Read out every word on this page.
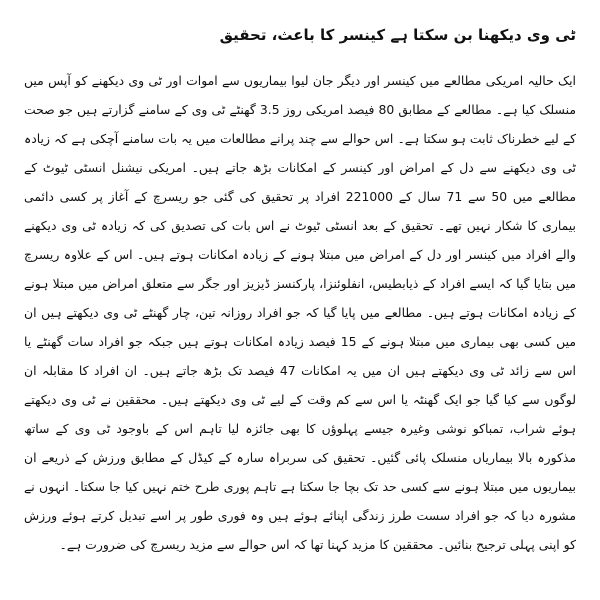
ٹی وی دیکھنا بن سکتا ہے کینسر کا باعث، تحقیق

ایک حالیہ امریکی مطالعے میں کینسر اور دیگر جان لیوا بیماریوں سے اموات اور ٹی وی دیکھنے کو آپس میں منسلک کیا ہے۔ مطالعے کے مطابق 80 فیصد امریکی روز 3.5 گھنٹے ٹی وی کے سامنے گزارتے ہیں جو صحت کے لیے خطرناک ثابت ہو سکتا ہے۔ اس حوالے سے چند پرانے مطالعات میں یہ بات سامنے آچکی ہے کہ زیادہ ٹی وی دیکھنے سے دل کے امراض اور کینسر کے امکانات بڑھ جاتے ہیں۔ امریکی نیشنل انسٹی ٹیوٹ کے مطالعے میں 50 سے 71 سال کے 221000 افراد پر تحقیق کی گئی جو ریسرچ کے آغاز پر کسی دائمی بیماری کا شکار نہیں تھے۔ تحقیق کے بعد انسٹی ٹیوٹ نے اس بات کی تصدیق کی کہ زیادہ ٹی وی دیکھنے والے افراد میں کینسر اور دل کے امراض میں مبتلا ہونے کے زیادہ امکانات ہوتے ہیں۔ اس کے علاوہ ریسرچ میں بتایا گیا کہ ایسے افراد کے ذیابطیس، انفلوئنزا، پارکنسز ڈیزیز اور جگر سے متعلق امراض میں مبتلا ہونے کے زیادہ امکانات ہوتے ہیں۔ مطالعے میں پایا گیا کہ جو افراد روزانہ تین، چار گھنٹے ٹی وی دیکھتے ہیں ان میں کسی بھی بیماری میں مبتلا ہونے کے 15 فیصد زیادہ امکانات ہوتے ہیں جبکہ جو افراد سات گھنٹے یا اس سے زائد ٹی وی دیکھتے ہیں ان میں یہ امکانات 47 فیصد تک بڑھ جاتے ہیں۔ ان افراد کا مقابلہ ان لوگوں سے کیا گیا جو ایک گھنٹہ یا اس سے کم وقت کے لیے ٹی وی دیکھتے ہیں۔ محققین نے ٹی وی دیکھتے ہوئے شراب، تمباکو نوشی وغیرہ جیسے پہلوؤں کا بھی جائزہ لیا تاہم اس کے باوجود ٹی وی کے ساتھ مذکورہ بالا بیماریاں منسلک پائی گئیں۔ تحقیق کی سربراہ سارہ کے کیڈل کے مطابق ورزش کے ذریعے ان بیماریوں میں مبتلا ہونے سے کسی حد تک بچا جا سکتا ہے تاہم پوری طرح ختم نہیں کیا جا سکتا۔ انہوں نے مشورہ دیا کہ جو افراد سست طرز زندگی اپنائے ہوئے ہیں وہ فوری طور پر اسے تبدیل کرتے ہوئے ورزش کو اپنی پہلی ترجیح بنائیں۔ محققین کا مزید کہنا تھا کہ اس حوالے سے مزید ریسرچ کی ضرورت ہے۔
